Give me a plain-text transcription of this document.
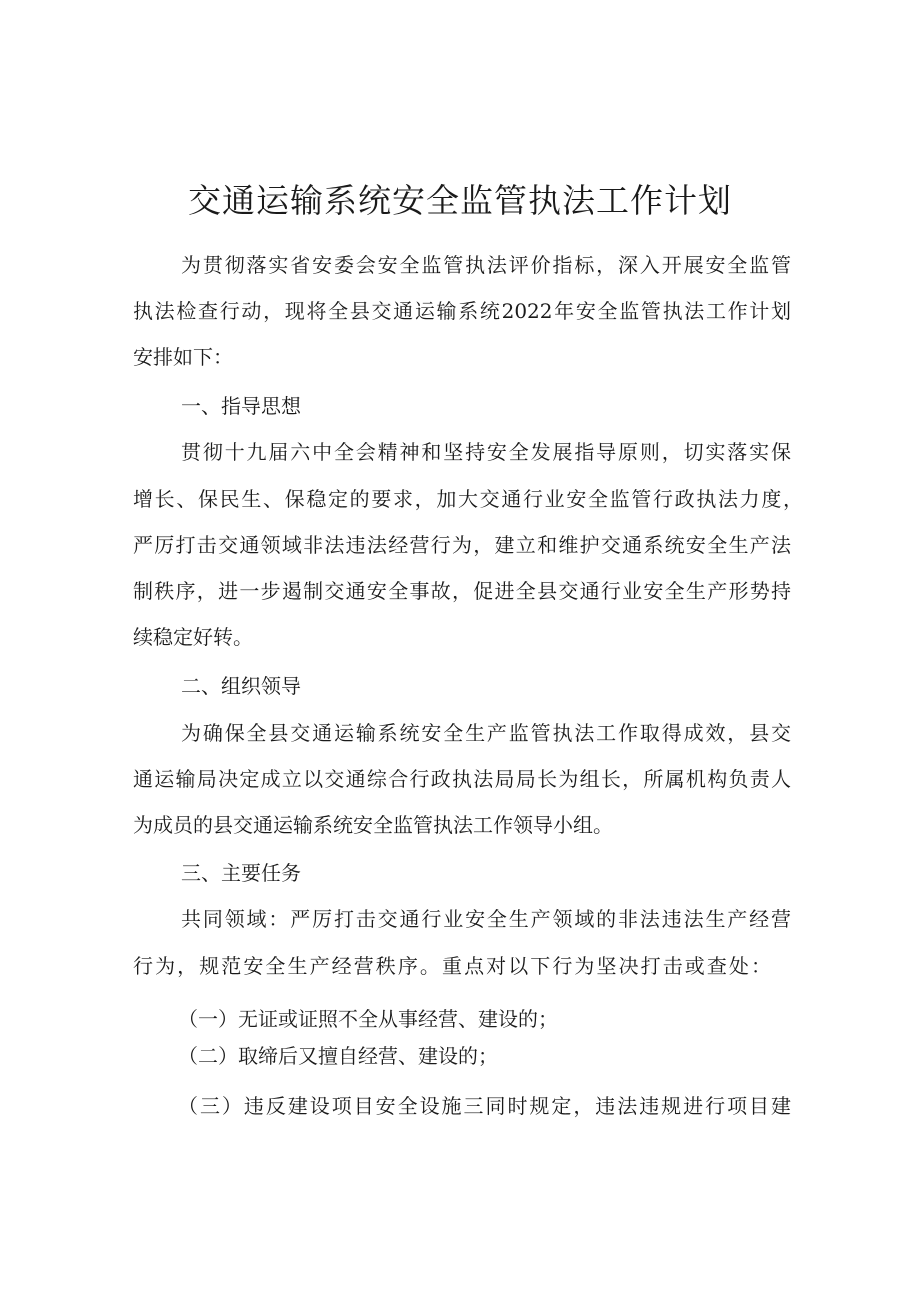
交通运输系统安全监管执法工作计划

为贯彻落实省安委会安全监管执法评价指标，深入开展安全监管

执法检查行动，现将全县交通运输系统2022年安全监管执法工作计划

安排如下：

一、指导思想

贯彻十九届六中全会精神和坚持安全发展指导原则，切实落实保

增长、保民生、保稳定的要求，加大交通行业安全监管行政执法力度，

严厉打击交通领域非法违法经营行为，建立和维护交通系统安全生产法

制秩序，进一步遏制交通安全事故，促进全县交通行业安全生产形势持

续稳定好转。

二、组织领导

为确保全县交通运输系统安全生产监管执法工作取得成效，县交

通运输局决定成立以交通综合行政执法局局长为组长，所属机构负责人

为成员的县交通运输系统安全监管执法工作领导小组。

三、主要任务

共同领域：严厉打击交通行业安全生产领域的非法违法生产经营

行为，规范安全生产经营秩序。重点对以下行为坚决打击或查处：

（一）无证或证照不全从事经营、建设的；

（二）取缔后又擅自经营、建设的；

（三）违反建设项目安全设施三同时规定，违法违规进行项目建
